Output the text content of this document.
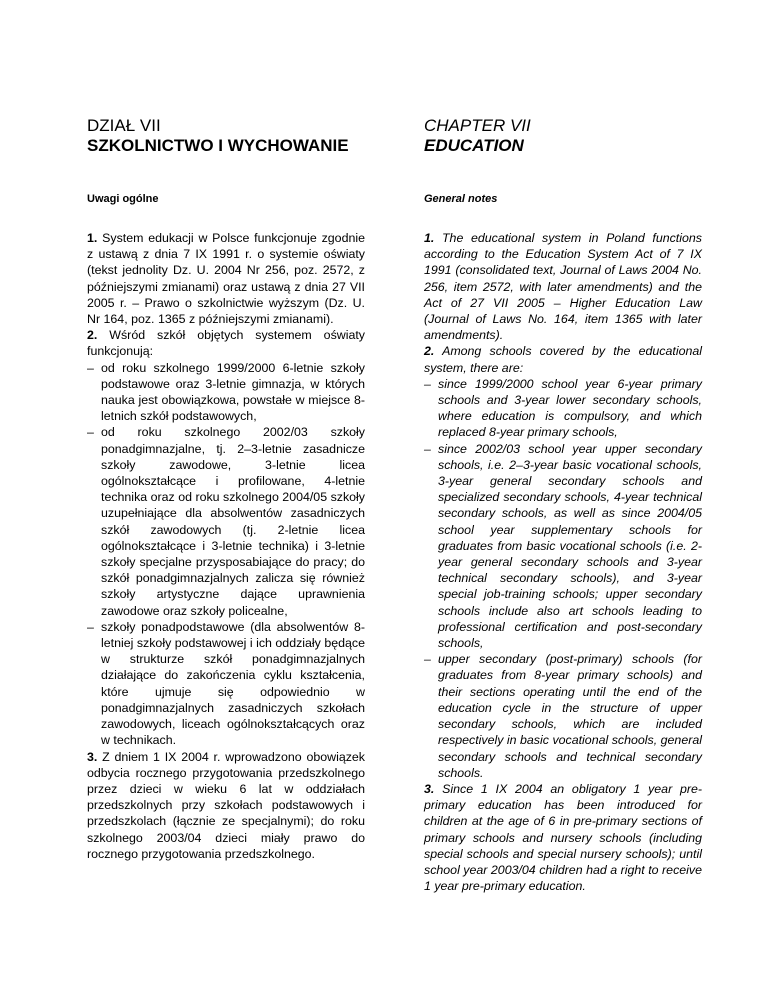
DZIAŁ VII
SZKOLNICTWO I WYCHOWANIE
Uwagi ogólne

1. System edukacji w Polsce funkcjonuje zgodnie z ustawą z dnia 7 IX 1991 r. o systemie oświaty (tekst jednolity Dz. U. 2004 Nr 256, poz. 2572, z późniejszymi zmianami) oraz ustawą z dnia 27 VII 2005 r. – Prawo o szkolnictwie wyższym (Dz. U. Nr 164, poz. 1365 z późniejszymi zmianami).

2. Wśród szkół objętych systemem oświaty funkcjonują:

– od roku szkolnego 1999/2000 6-letnie szkoły podstawowe oraz 3-letnie gimnazja, w których nauka jest obowiązkowa, powstałe w miejsce 8-letnich szkół podstawowych,
– od roku szkolnego 2002/03 szkoły ponadgimnazjalne, tj. 2–3-letnie zasadnicze szkoły zawodowe, 3-letnie licea ogólnokształcące i profilowane, 4-letnie technika oraz od roku szkolnego 2004/05 szkoły uzupełniające dla absolwentów zasadniczych szkół zawodowych (tj. 2-letnie licea ogólnokształcące i 3-letnie technika) i 3-letnie szkoły specjalne przysposabiające do pracy; do szkół ponadgimnazjalnych zalicza się również szkoły artystyczne dające uprawnienia zawodowe oraz szkoły policealne,
– szkoły ponadpodstawowe (dla absolwentów 8-letniej szkoły podstawowej i ich oddziały będące w strukturze szkół ponadgimnazjalnych działające do zakończenia cyklu kształcenia, które ujmuje się odpowiednio w ponadgimnazjalnych zasadniczych szkołach zawodowych, liceach ogólnokształcących oraz w technikach.

3. Z dniem 1 IX 2004 r. wprowadzono obowiązek odbycia rocznego przygotowania przedszkolnego przez dzieci w wieku 6 lat w oddziałach przedszkolnych przy szkołach podstawowych i przedszkolach (łącznie ze specjalnymi); do roku szkolnego 2003/04 dzieci miały prawo do rocznego przygotowania przedszkolnego.

CHAPTER VII
EDUCATION
General notes

1. The educational system in Poland functions according to the Education System Act of 7 IX 1991 (consolidated text, Journal of Laws 2004 No. 256, item 2572, with later amendments) and the Act of 27 VII 2005 – Higher Education Law (Journal of Laws No. 164, item 1365 with later amendments).

2. Among schools covered by the educational system, there are:

– since 1999/2000 school year 6-year primary schools and 3-year lower secondary schools, where education is compulsory, and which replaced 8-year primary schools,
– since 2002/03 school year upper secondary schools, i.e. 2–3-year basic vocational schools, 3-year general secondary schools and specialized secondary schools, 4-year technical secondary schools, as well as since 2004/05 school year supplementary schools for graduates from basic vocational schools (i.e. 2-year general secondary schools and 3-year technical secondary schools), and 3-year special job-training schools; upper secondary schools include also art schools leading to professional certification and post-secondary schools,
– upper secondary (post-primary) schools (for graduates from 8-year primary schools) and their sections operating until the end of the education cycle in the structure of upper secondary schools, which are included respectively in basic vocational schools, general secondary schools and technical secondary schools.

3. Since 1 IX 2004 an obligatory 1 year pre-primary education has been introduced for children at the age of 6 in pre-primary sections of primary schools and nursery schools (including special schools and special nursery schools); until school year 2003/04 children had a right to receive 1 year pre-primary education.
